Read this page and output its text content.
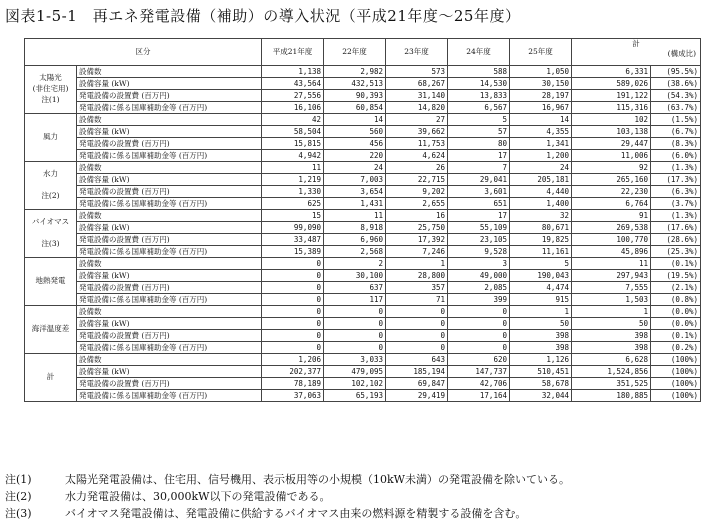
図表1-5-1　再エネ発電設備（補助）の導入状況（平成21年度～25年度）
区分		平成21年度	22年度	23年度	24年度	25年度	計
(構成比)	

太陽光
(非住宅用)
注(1)	設備数	1,138	2,982	573	588	1,050	6,331	(95.5%)
	設備容量 (kW)	43,564	432,513	68,267	14,530	30,150	589,026	(38.6%)
	発電設備の設置費 (百万円)	27,556	90,393	31,140	13,833	28,197	191,122	(54.3%)
	発電設備に係る国庫補助金等 (百万円)	16,106	60,854	14,820	6,567	16,967	115,316	(63.7%)

風力	設備数	42	14	27	5	14	102	(1.5%)
	設備容量 (kW)	58,504	560	39,662	57	4,355	103,138	(6.7%)
	発電設備の設置費 (百万円)	15,815	456	11,753	80	1,341	29,447	(8.3%)
	発電設備に係る国庫補助金等 (百万円)	4,942	220	4,624	17	1,200	11,006	(6.0%)

水力
注(2)	設備数	11	24	26	7	24	92	(1.3%)
	設備容量 (kW)	1,219	7,003	22,715	29,041	205,181	265,160	(17.3%)
	発電設備の設置費 (百万円)	1,330	3,654	9,202	3,601	4,440	22,230	(6.3%)
	発電設備に係る国庫補助金等 (百万円)	625	1,431	2,655	651	1,400	6,764	(3.7%)

バイオマス
注(3)	設備数	15	11	16	17	32	91	(1.3%)
	設備容量 (kW)	99,090	8,918	25,750	55,109	80,671	269,538	(17.6%)
	発電設備の設置費 (百万円)	33,487	6,960	17,392	23,105	19,825	100,770	(28.6%)
	発電設備に係る国庫補助金等 (百万円)	15,389	2,568	7,246	9,528	11,161	45,896	(25.3%)

地熱発電	設備数	0	2	1	3	5	11	(0.1%)
	設備容量 (kW)	0	30,100	28,800	49,000	190,043	297,943	(19.5%)
	発電設備の設置費 (百万円)	0	637	357	2,085	4,474	7,555	(2.1%)
	発電設備に係る国庫補助金等 (百万円)	0	117	71	399	915	1,503	(0.8%)

海洋温度差	設備数	0	0	0	0	1	1	(0.0%)
	設備容量 (kW)	0	0	0	0	50	50	(0.0%)
	発電設備の設置費 (百万円)	0	0	0	0	398	398	(0.1%)
	発電設備に係る国庫補助金等 (百万円)	0	0	0	0	398	398	(0.2%)

計	設備数	1,206	3,033	643	620	1,126	6,628	(100%)
	設備容量 (kW)	202,377	479,095	185,194	147,737	510,451	1,524,856	(100%)
	発電設備の設置費 (百万円)	78,189	102,102	69,847	42,706	58,678	351,525	(100%)
	発電設備に係る国庫補助金等 (百万円)	37,063	65,193	29,419	17,164	32,044	180,885	(100%)
注(1)	太陽光発電設備は、住宅用、信号機用、表示板用等の小規模（10kW未満）の発電設備を除いている。
注(2)	水力発電設備は、30,000kW以下の発電設備である。
注(3)	バイオマス発電設備は、発電設備に供給するバイオマス由来の燃料源を精製する設備を含む。
